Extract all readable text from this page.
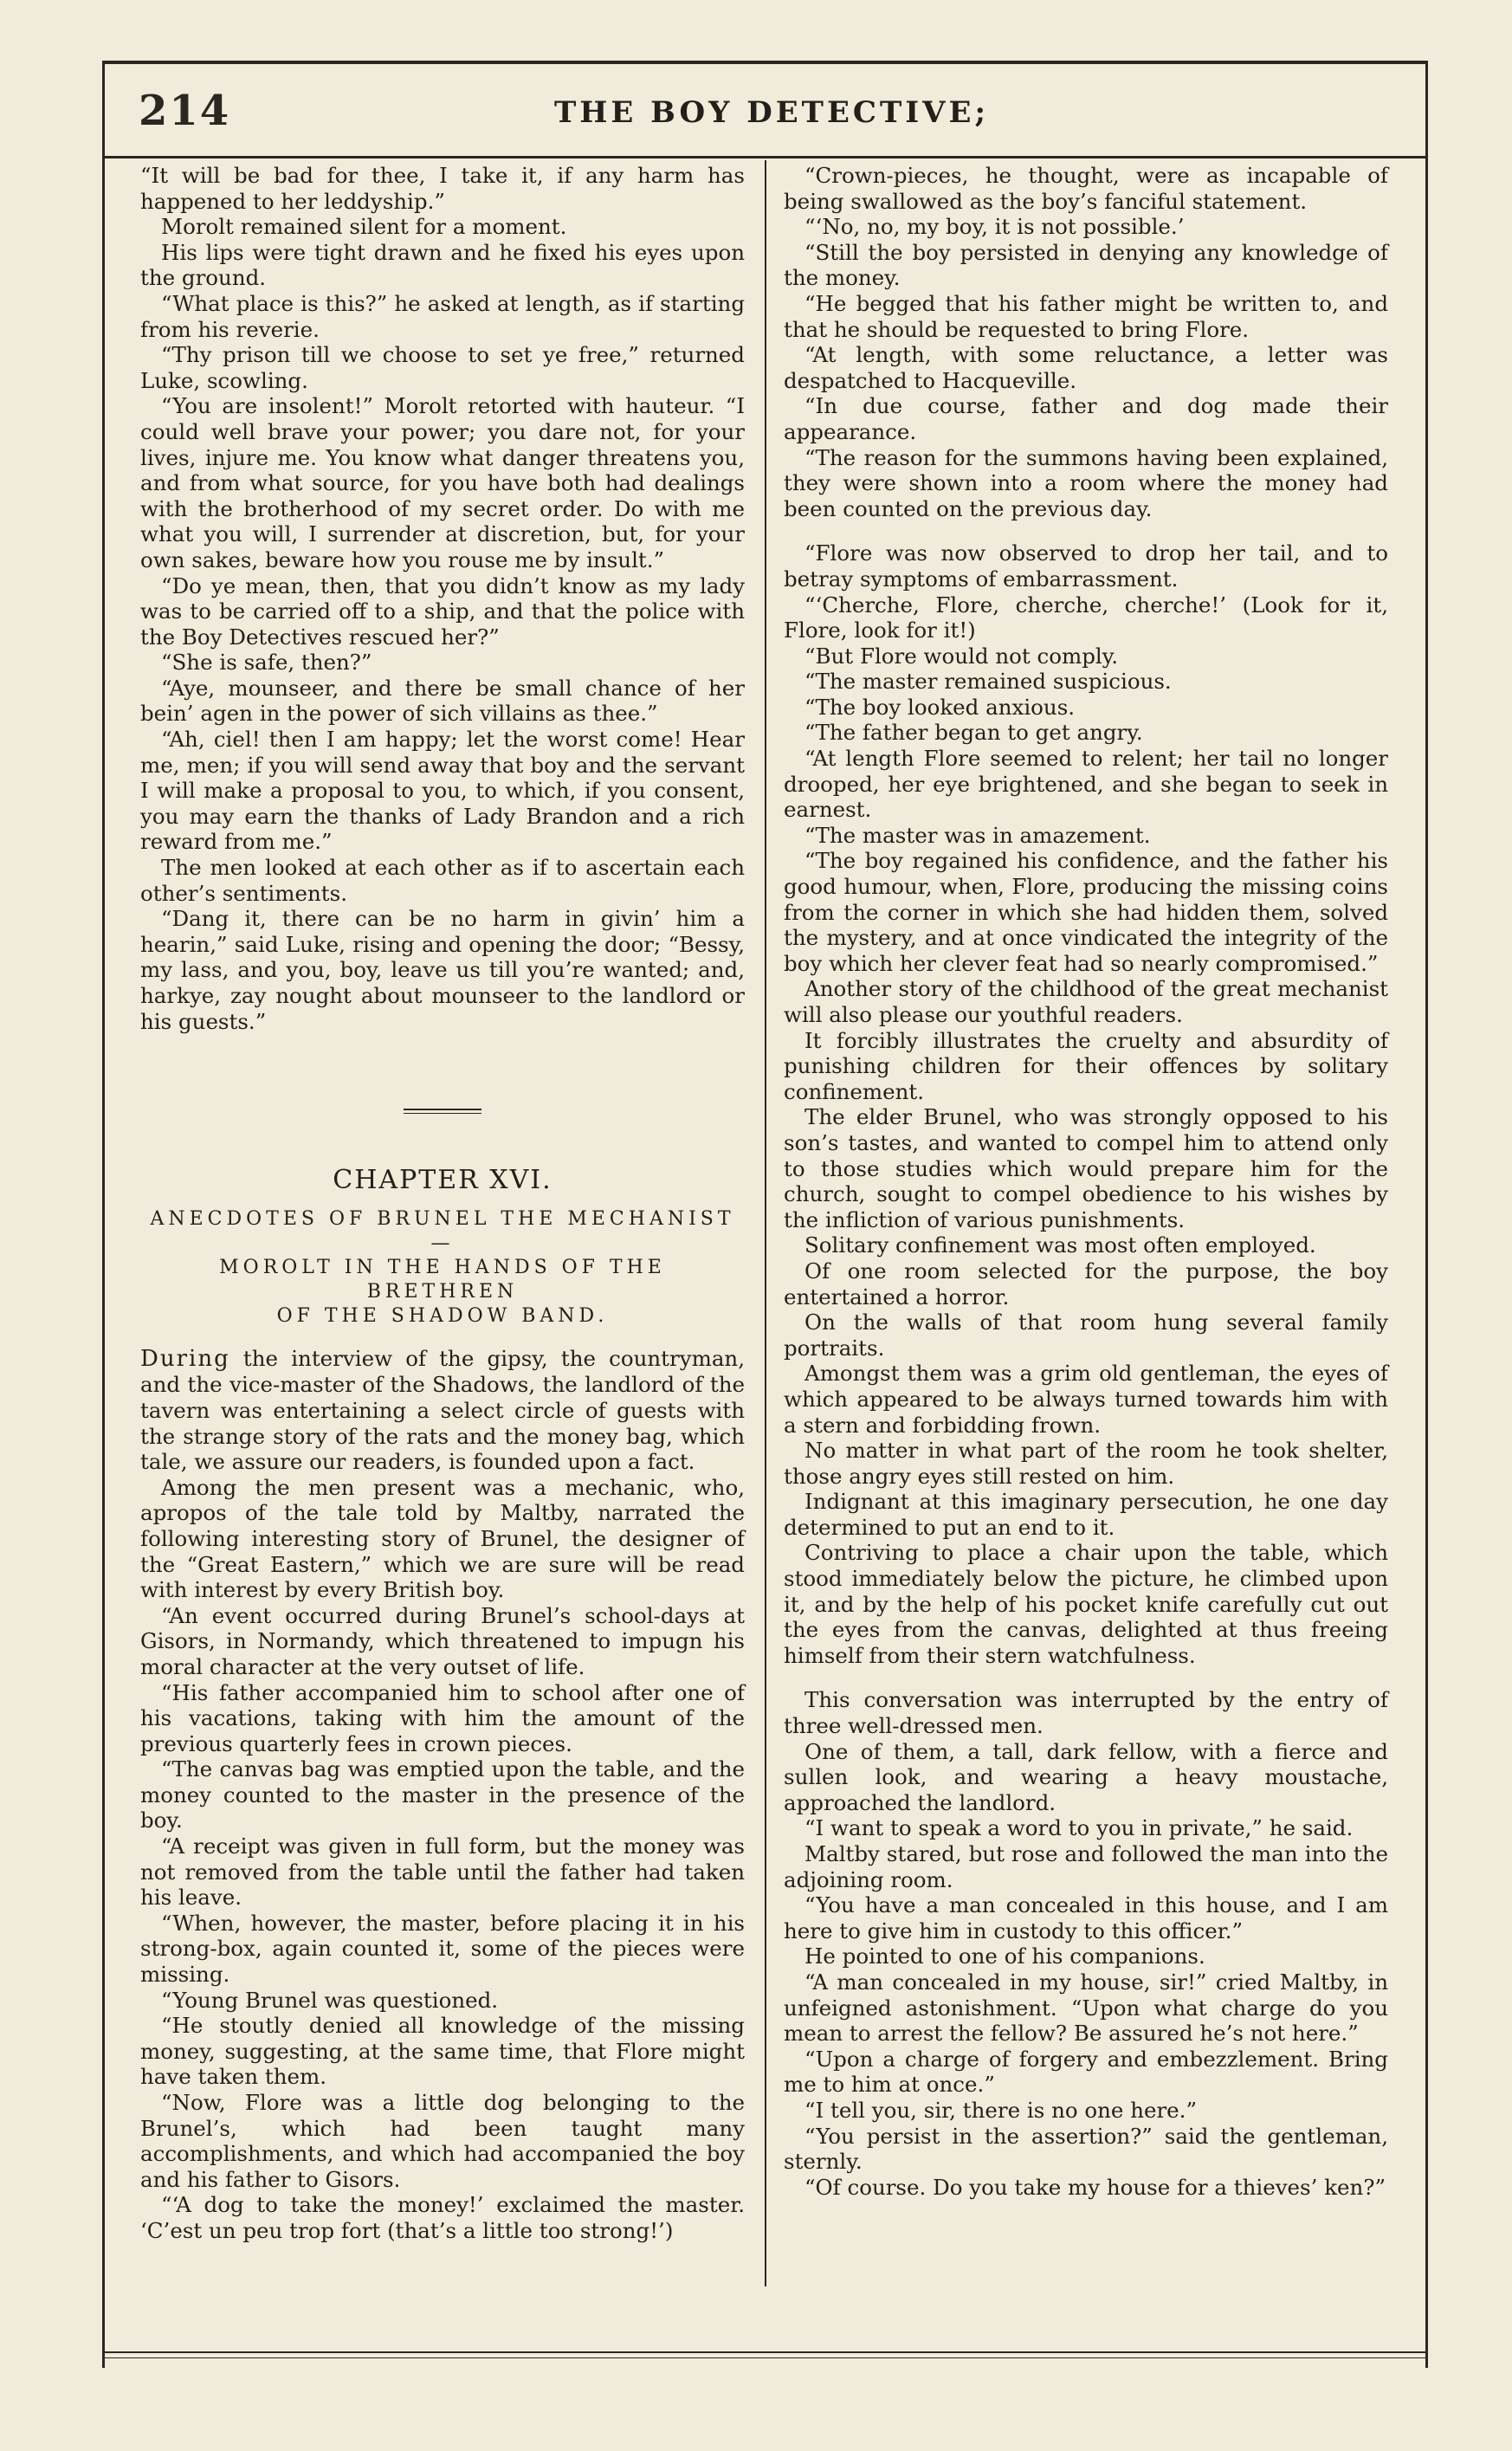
214	THE BOY DETECTIVE;

“It will be bad for thee, I take it, if any harm has happened to her leddyship.”

Morolt remained silent for a moment.

His lips were tight drawn and he fixed his eyes upon the ground.

“What place is this?” he asked at length, as if starting from his reverie.

“Thy prison till we choose to set ye free,” returned Luke, scowling.

“You are insolent!” Morolt retorted with hauteur. “I could well brave your power; you dare not, for your lives, injure me. You know what danger threatens you, and from what source, for you have both had dealings with the brotherhood of my secret order. Do with me what you will, I surrender at discretion, but, for your own sakes, beware how you rouse me by insult.”

“Do ye mean, then, that you didn’t know as my lady was to be carried off to a ship, and that the police with the Boy Detectives rescued her?”

“She is safe, then?”

“Aye, mounseer, and there be small chance of her bein’ agen in the power of sich villains as thee.”

“Ah, ciel! then I am happy; let the worst come! Hear me, men; if you will send away that boy and the servant I will make a proposal to you, to which, if you consent, you may earn the thanks of Lady Brandon and a rich reward from me.”

The men looked at each other as if to ascertain each other’s sentiments.

“Dang it, there can be no harm in givin’ him a hearin,” said Luke, rising and opening the door; “Bessy, my lass, and you, boy, leave us till you’re wanted; and, harkye, zay nought about mounseer to the landlord or his guests.”

CHAPTER XVI.
ANECDOTES OF BRUNEL THE MECHANIST—
MOROLT IN THE HANDS OF THE BRETHREN
OF THE SHADOW BAND.

During the interview of the gipsy, the countryman, and the vice-master of the Shadows, the landlord of the tavern was entertaining a select circle of guests with the strange story of the rats and the money bag, which tale, we assure our readers, is founded upon a fact.

Among the men present was a mechanic, who, apropos of the tale told by Maltby, narrated the following interesting story of Brunel, the designer of the “Great Eastern,” which we are sure will be read with interest by every British boy.

“An event occurred during Brunel’s school-days at Gisors, in Normandy, which threatened to impugn his moral character at the very outset of life.

“His father accompanied him to school after one of his vacations, taking with him the amount of the previous quarterly fees in crown pieces.

“The canvas bag was emptied upon the table, and the money counted to the master in the presence of the boy.

“A receipt was given in full form, but the money was not removed from the table until the father had taken his leave.

“When, however, the master, before placing it in his strong-box, again counted it, some of the pieces were missing.

“Young Brunel was questioned.

“He stoutly denied all knowledge of the missing money, suggesting, at the same time, that Flore might have taken them.

“Now, Flore was a little dog belonging to the Brunel’s, which had been taught many accomplishments, and which had accompanied the boy and his father to Gisors.

“‘A dog to take the money!’ exclaimed the master. ‘C’est un peu trop fort (that’s a little too strong!’)

“Crown-pieces, he thought, were as incapable of being swallowed as the boy’s fanciful statement.

“‘No, no, my boy, it is not possible.’

“Still the boy persisted in denying any knowledge of the money.

“He begged that his father might be written to, and that he should be requested to bring Flore.

“At length, with some reluctance, a letter was despatched to Hacqueville.

“In due course, father and dog made their appearance.

“The reason for the summons having been explained, they were shown into a room where the money had been counted on the previous day.

“Flore was now observed to drop her tail, and to betray symptoms of embarrassment.

“‘Cherche, Flore, cherche, cherche!’ (Look for it, Flore, look for it!)

“But Flore would not comply.

“The master remained suspicious.

“The boy looked anxious.

“The father began to get angry.

“At length Flore seemed to relent; her tail no longer drooped, her eye brightened, and she began to seek in earnest.

“The master was in amazement.

“The boy regained his confidence, and the father his good humour, when, Flore, producing the missing coins from the corner in which she had hidden them, solved the mystery, and at once vindicated the integrity of the boy which her clever feat had so nearly compromised.”

Another story of the childhood of the great mechanist will also please our youthful readers.

It forcibly illustrates the cruelty and absurdity of punishing children for their offences by solitary confinement.

The elder Brunel, who was strongly opposed to his son’s tastes, and wanted to compel him to attend only to those studies which would prepare him for the church, sought to compel obedience to his wishes by the infliction of various punishments.

Solitary confinement was most often employed.

Of one room selected for the purpose, the boy entertained a horror.

On the walls of that room hung several family portraits.

Amongst them was a grim old gentleman, the eyes of which appeared to be always turned towards him with a stern and forbidding frown.

No matter in what part of the room he took shelter, those angry eyes still rested on him.

Indignant at this imaginary persecution, he one day determined to put an end to it.

Contriving to place a chair upon the table, which stood immediately below the picture, he climbed upon it, and by the help of his pocket knife carefully cut out the eyes from the canvas, delighted at thus freeing himself from their stern watchfulness.

This conversation was interrupted by the entry of three well-dressed men.

One of them, a tall, dark fellow, with a fierce and sullen look, and wearing a heavy moustache, approached the landlord.

“I want to speak a word to you in private,” he said.

Maltby stared, but rose and followed the man into the adjoining room.

“You have a man concealed in this house, and I am here to give him in custody to this officer.”

He pointed to one of his companions.

“A man concealed in my house, sir!” cried Maltby, in unfeigned astonishment. “Upon what charge do you mean to arrest the fellow? Be assured he’s not here.”

“Upon a charge of forgery and embezzlement. Bring me to him at once.”

“I tell you, sir, there is no one here.”

“You persist in the assertion?” said the gentleman, sternly.

“Of course. Do you take my house for a thieves’ ken?”
